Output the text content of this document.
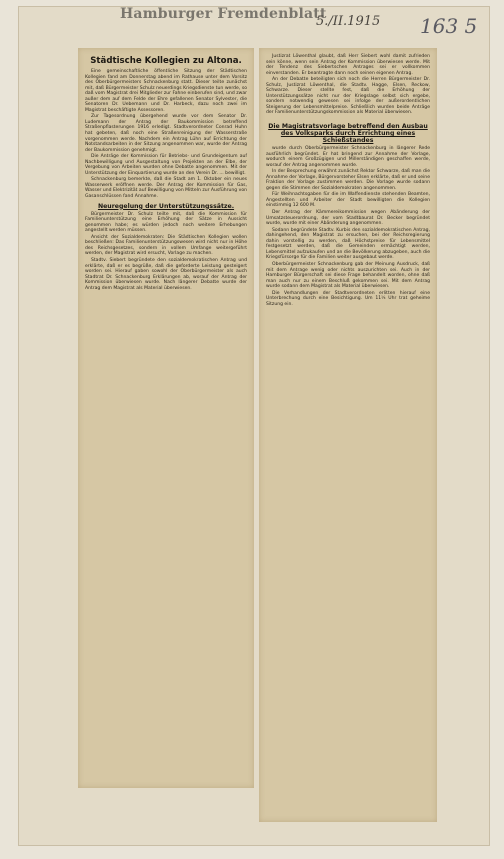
Hamburger Fremdenblatt
5./II.1915 163 5
Städtische Kollegien zu Altona.

Eine gemeinschaftliche öffentliche Sitzung der Städtischen Kollegien fand am Donnerstag abend im Rathause unter dem Vorsitz des Oberbürgermeisters Schnackenburg statt. Dieser teilte zunächst mit, daß Bürgermeister Schulz neuerdings Kriegsdienste tun werde, so daß vom Magistrat drei Mitglieder zur Fahne einberufen sind, und zwar außer dem auf dem Felde der Ehre gefallenen Senator Sylvester, die Senatoren Dr. Uebemann und Dr. Harbeck, dazu noch zwei im Magistrat beschäftigte Assessoren.

Zur Tagesordnung übergehend wurde vor dem Senator Dr. Ludemann der Antrag der Baukommission betreffend Straßenpflasterungen 1916 erledigt. Stadtverordneter Conrad Huhn hat gebeten, daß noch eine Straßenreinigung der Wasserstraße vorgenommen werde. Nachdem ein Antrag Lühn auf Errichtung der Notstandsarbeiten in der Sitzung angenommen war, wurde der Antrag der Baukommission genehmigt.

Die Anträge der Kommission für Betriebs- und Grundeigentum auf Nachbewilligung und Ausgestaltung von Projekten an der Elbe, der Vergebung von Arbeiten wurden ohne Debatte angenommen. Mit der Unterstützung der Einquartierung wurde an den Verein Dr. ... bewilligt.

Schnackenburg bemerkte, daß die Stadt am 1. Oktober ein neues Wasserwerk eröffnen werde. Der Antrag der Kommission für Gas, Wasser und Elektrizität auf Bewilligung von Mitteln zur Ausführung von Gasanschlüssen fand Annahme.

Neuregelung der Unterstützungssätze.

Bürgermeister Dr. Schulz teilte mit, daß die Kommission für Familienunterstützung eine Erhöhung der Sätze in Aussicht genommen habe; es würden jedoch noch weitere Erhebungen angestellt werden müssen.

Ansicht der Sozialdemokraten: Die Städtischen Kollegien wollen beschließen: Das Familienunterstützungswesen wird nicht nur in Höhe des Reichsgesetzes, sondern in vollem Umfange weitergeführt werden, der Magistrat wird ersucht, Vorlage zu machen.

Stadtv. Siebert begründete den sozialdemokratischen Antrag und erklärte, daß er es begrüße, daß die geforderte Leistung gesteigert worden sei. Hierauf gaben sowohl der Oberbürgermeister als auch Stadtrat Dr. Schnackenburg Erklärungen ab, worauf der Antrag der Kommission überwiesen wurde. Nach längerer Debatte wurde der Antrag dem Magistrat als Material überwiesen.

Justizrat Löwenthal glaubt, daß Herr Siebert wohl damit zufrieden sein könne, wenn sein Antrag der Kommission überwiesen werde. Mit der Tendenz des Siebertschen Antrages sei er vollkommen einverstanden. Er beantragte dann noch seinen eigenen Antrag.

An der Debatte beteiligten sich noch die Herren Bürgermeister Dr. Schulz, Justizrat Löwenthal, die Stadtv. Hagge, Elsen, Reckow, Schwarze. Dieser stellte fest, daß die Erhöhung der Unterstützungssätze nicht nur der Kriegslage selbst sich ergebe, sondern notwendig gewesen sei infolge der außerordentlichen Steigerung der Lebensmittelpreise. Schließlich wurden beide Anträge der Familienunterstützungskommission als Material überwiesen.

Die Magistratsvorlage betreffend den Ausbau des Volksparks durch Errichtung eines Schießstandes

wurde durch Oberbürgermeister Schnackenburg in längerer Rede ausführlich begründet. Er hat bringend zur Annahme der Vorlage, wodurch einem Großzügigen und Millerständigen geschaffen werde, worauf der Antrag angenommen wurde.

In der Besprechung erwähnt zunächst Rektor Schwarze, daß man die Annahme der Vorlage, Bürgervorsteher Elsen erklärte, daß er und seine Fraktion der Vorlage zustimmen werden. Die Vorlage wurde sodann gegen die Stimmen der Sozialdemokraten angenommen.

Für Weihnachtsgaben für die im Waffendienste stehenden Beamten, Angestellten und Arbeiter der Stadt bewilligten die Kollegien einstimmig 12 600 M.

Der Antrag der Kämmereikommission wegen Abänderung der Umsatzsteuerordnung, der vom Stadtbaurat Dr. Becker begründet wurde, wurde mit einer Abänderung angenommen.

Sodann begründete Stadtv. Kurbis den sozialdemokratischen Antrag, dahingehend, den Magistrat zu ersuchen, bei der Reichsregierung dahin vorstellig zu werden, daß Höchstpreise für Lebensmittel festgesetzt werden, daß die Gemeinden ermächtigt werden, Lebensmittel aufzukaufen und an die Bevölkerung abzugeben, auch die Kriegsfürsorge für die Familien weiter ausgebaut werde.

Oberbürgermeister Schnackenburg gab der Meinung Ausdruck, daß mit dem Antrage wenig oder nichts auszurichten sei. Auch in der Hamburger Bürgerschaft sei diese Frage behandelt worden, ohne daß man auch nur zu einem Beschluß gekommen sei. Mit dem Antrag wurde sodann dem Magistrat als Material überwiesen.

Die Verhandlungen der Stadtverordneten erlitten hierauf eine Unterbrechung durch eine Besichtigung. Um 11¼ Uhr trat geheime Sitzung ein.
